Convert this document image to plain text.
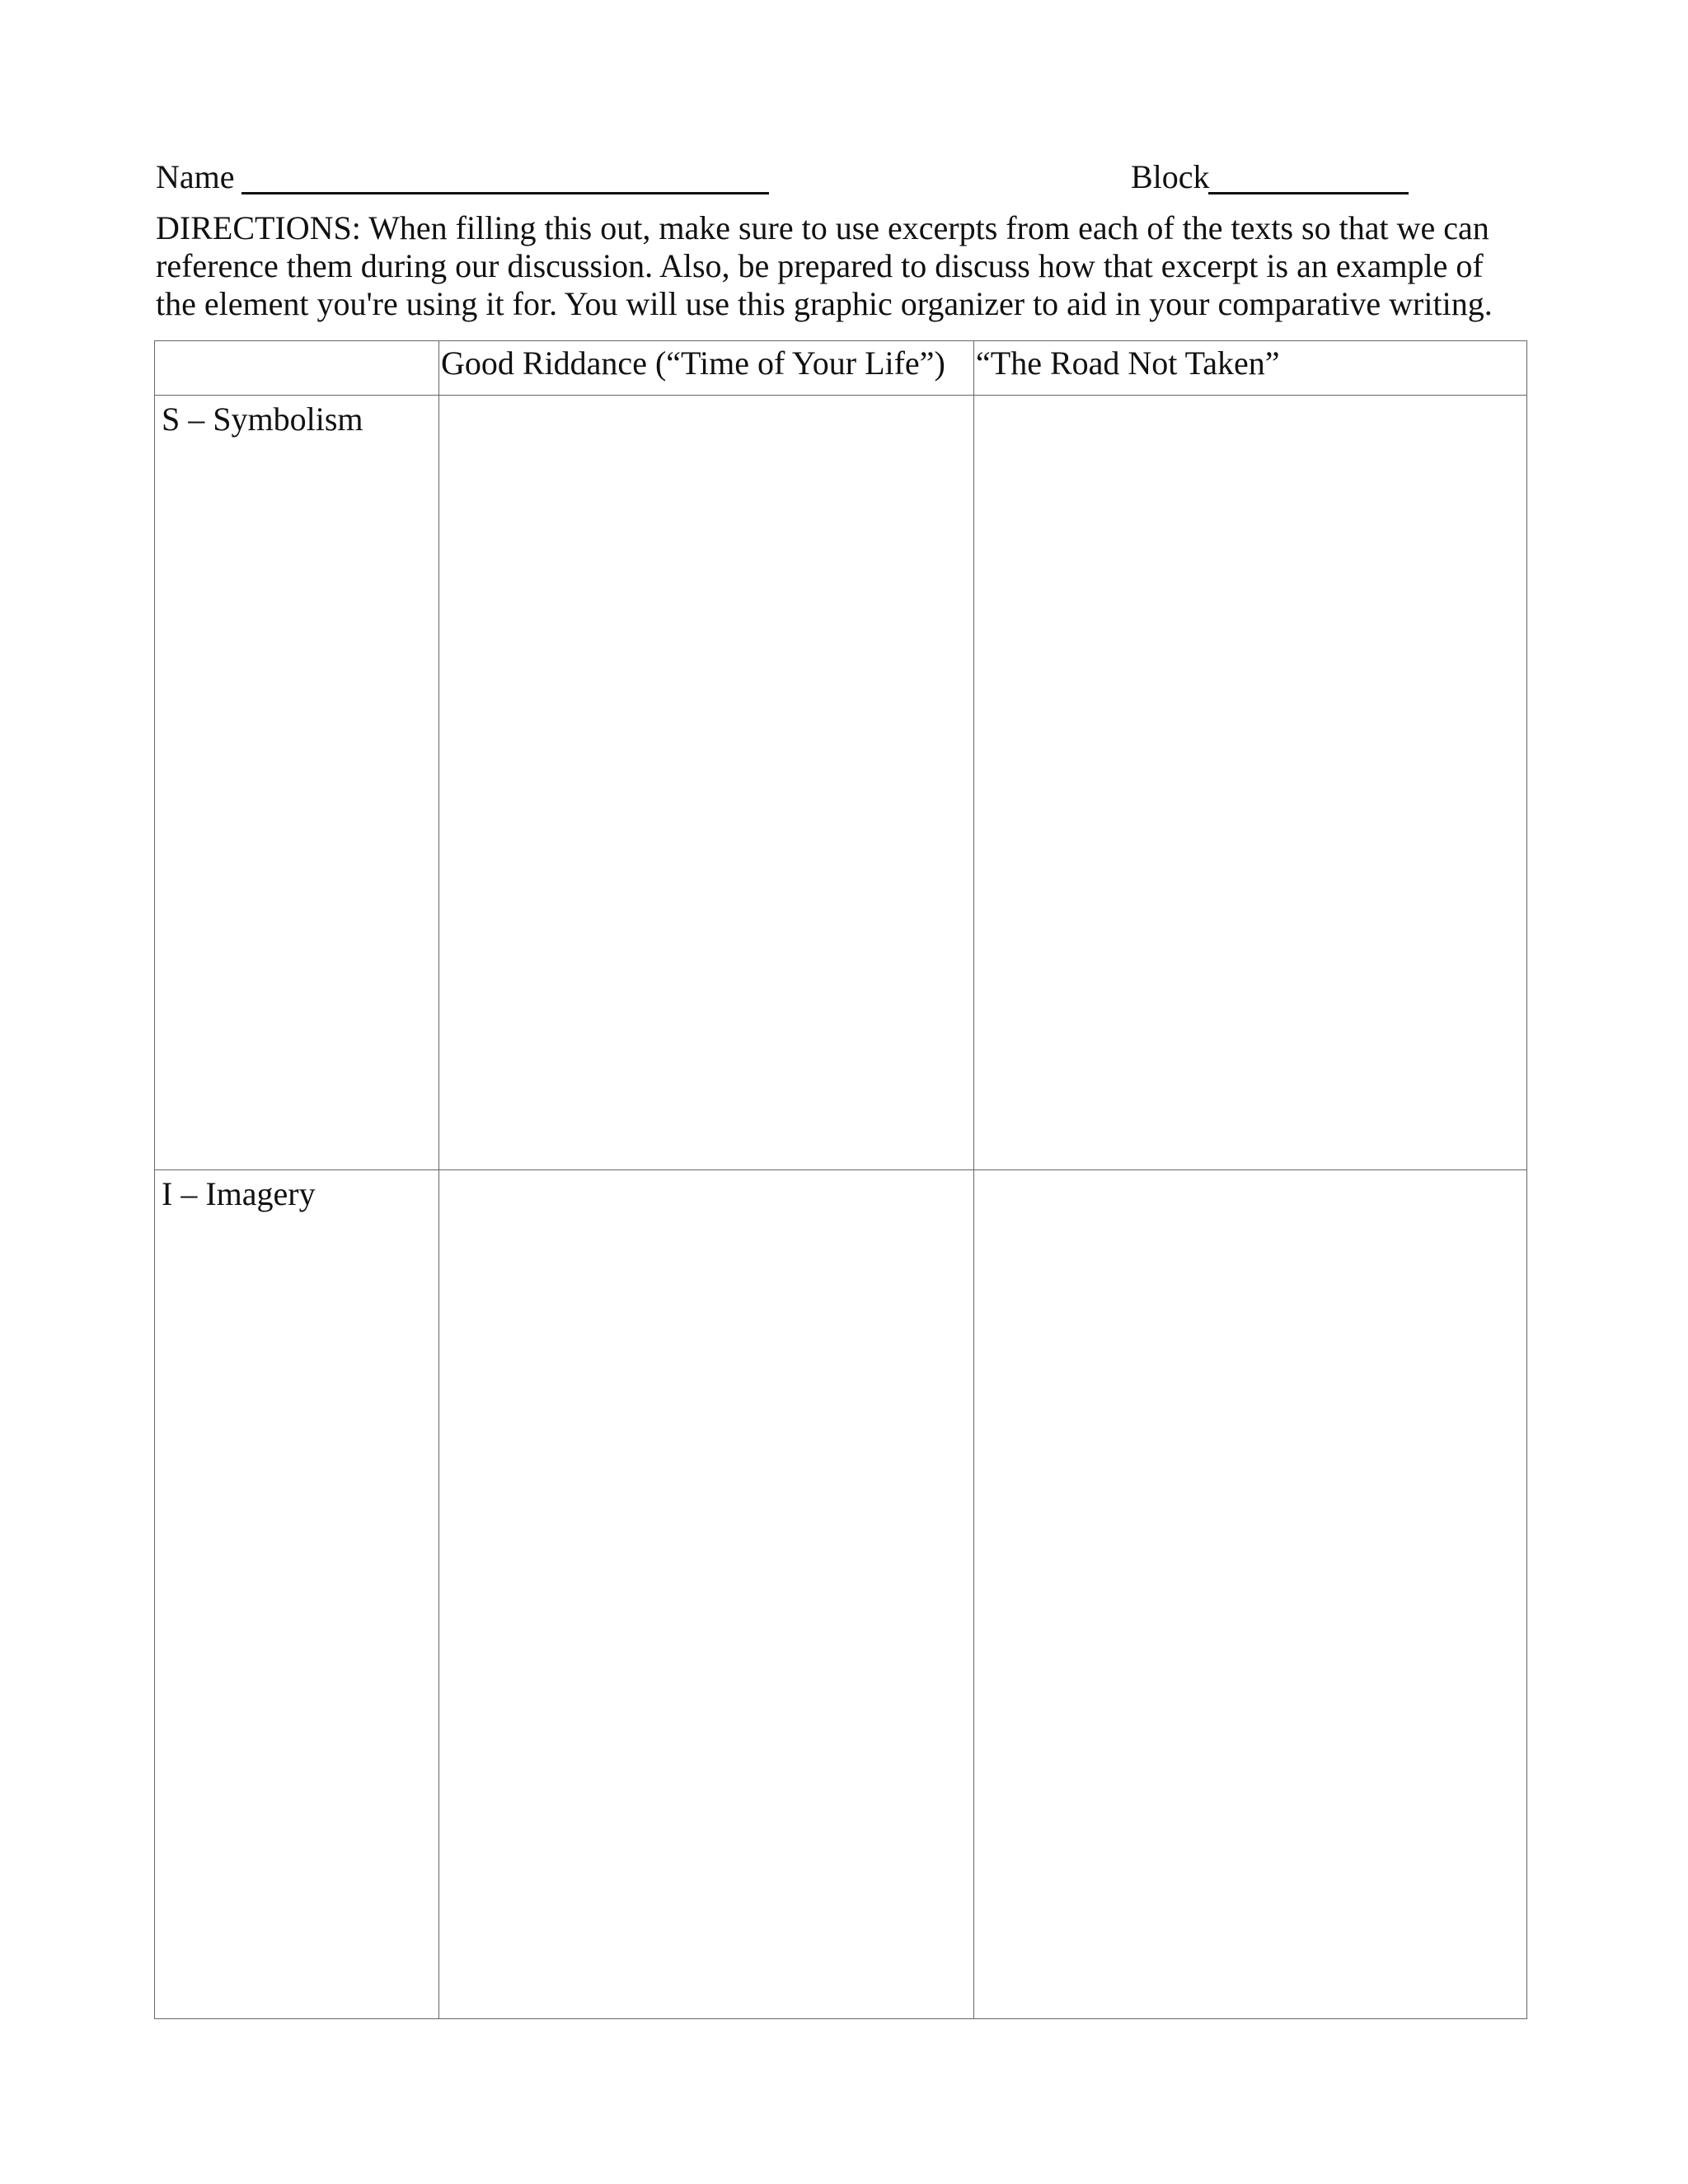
Name	Block

DIRECTIONS: When filling this out, make sure to use excerpts from each of the texts so that we can
reference them during our discussion. Also, be prepared to discuss how that excerpt is an example of
the element you're using it for. You will use this graphic organizer to aid in your comparative writing.

	Good Riddance (“Time of Your Life”)	“The Road Not Taken”
S – Symbolism		
I – Imagery		
